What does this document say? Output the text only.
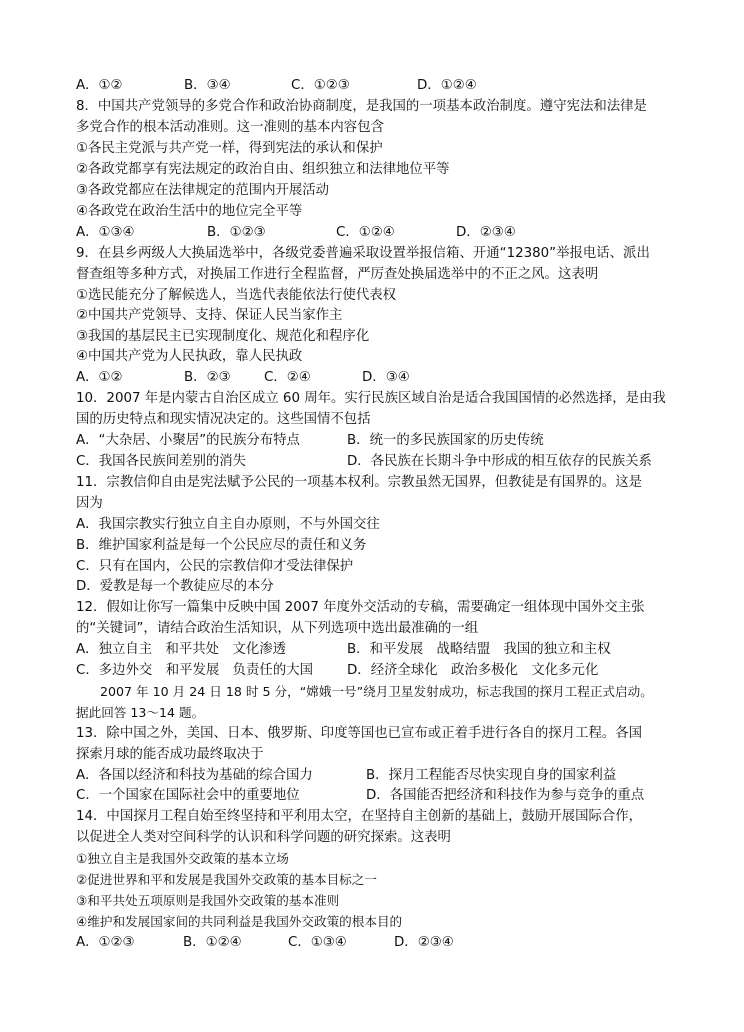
A．①②	B．③④	C．①②③	D．①②④
8．中国共产党领导的多党合作和政治协商制度，是我国的一项基本政治制度。遵守宪法和法律是
多党合作的根本活动准则。这一准则的基本内容包含
①各民主党派与共产党一样，得到宪法的承认和保护
②各政党都享有宪法规定的政治自由、组织独立和法律地位平等
③各政党都应在法律规定的范围内开展活动
④各政党在政治生活中的地位完全平等
A．①③④	B．①②③	C．①②④	D．②③④
9．在县乡两级人大换届选举中，各级党委普遍采取设置举报信箱、开通“12380”举报电话、派出
督查组等多种方式，对换届工作进行全程监督，严厉查处换届选举中的不正之风。这表明
①选民能充分了解候选人，当选代表能依法行使代表权
②中国共产党领导、支持、保证人民当家作主
③我国的基层民主已实现制度化、规范化和程序化
④中国共产党为人民执政，靠人民执政
A．①②	B．②③ C．②④	D．③④
10．2007 年是内蒙古自治区成立 60 周年。实行民族区域自治是适合我国国情的必然选择，是由我
国的历史特点和现实情况决定的。这些国情不包括
A．“大杂居、小聚居”的民族分布特点	B．统一的多民族国家的历史传统
C．我国各民族间差别的消失	D．各民族在长期斗争中形成的相互依存的民族关系
11．宗教信仰自由是宪法赋予公民的一项基本权利。宗教虽然无国界，但教徒是有国界的。这是
因为
A．我国宗教实行独立自主自办原则，不与外国交往
B．维护国家利益是每一个公民应尽的责任和义务
C．只有在国内，公民的宗教信仰才受法律保护
D．爱教是每一个教徒应尽的本分
12．假如让你写一篇集中反映中国 2007 年度外交活动的专稿，需要确定一组体现中国外交主张
的“关键词”，请结合政治生活知识，从下列选项中选出最准确的一组
A．独立自主　和平共处　文化渗透	B．和平发展　战略结盟　我国的独立和主权
C．多边外交　和平发展　负责任的大国	D．经济全球化　政治多极化　文化多元化
2007 年 10 月 24 日 18 时 5 分，“嫦娥一号”绕月卫星发射成功，标志我国的探月工程正式启动。
据此回答 13～14 题。
13．除中国之外，美国、日本、俄罗斯、印度等国也已宣布或正着手进行各自的探月工程。各国
探索月球的能否成功最终取决于
A．各国以经济和科技为基础的综合国力	B．探月工程能否尽快实现自身的国家利益
C．一个国家在国际社会中的重要地位	D．各国能否把经济和科技作为参与竞争的重点
14．中国探月工程自始至终坚持和平利用太空，在坚持自主创新的基础上，鼓励开展国际合作，
以促进全人类对空间科学的认识和科学问题的研究探索。这表明
①独立自主是我国外交政策的基本立场
②促进世界和平和发展是我国外交政策的基本目标之一
③和平共处五项原则是我国外交政策的基本准则
④维护和发展国家间的共同利益是我国外交政策的根本目的
A．①②③	B．①②④	C．①③④	D．②③④
